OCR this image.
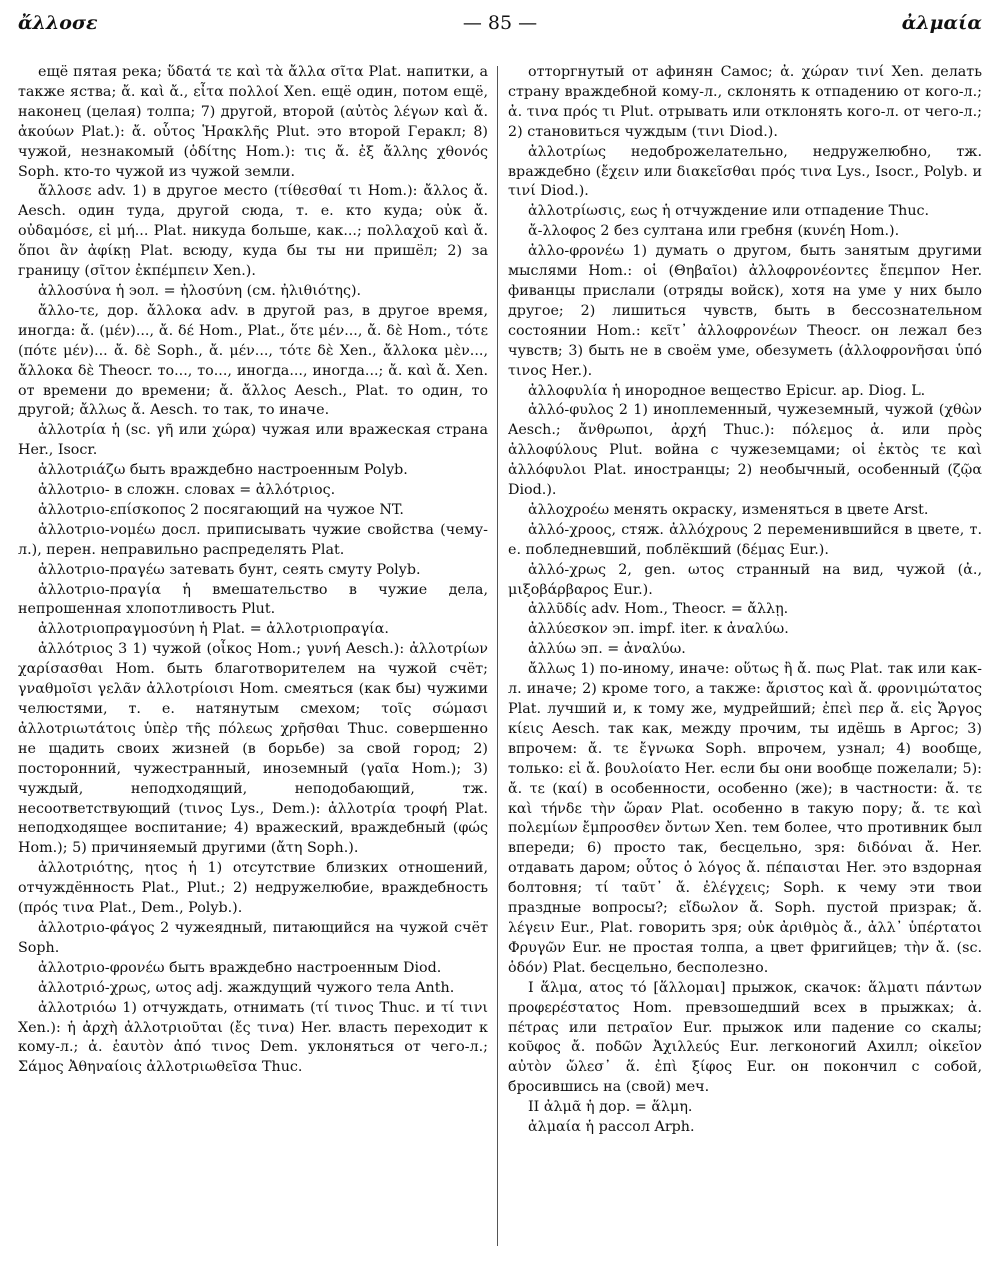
ἄλλοσε	— 85 —	ἀλμαία

ещё пятая река; ὕδατά τε καὶ τὰ ἄλλα σῖτα Plat. напитки, а также яства; ἄ. καὶ ἄ., εἶτα πολλοί Xen. ещё один, потом ещё, наконец (целая) толпа; 7) другой, второй (αὐτὸς λέγων καὶ ἄ. ἀκούων Plat.): ἄ. οὗτος Ἡρακλῆς Plut. это второй Геракл; 8) чужой, незнакомый (ὁδίτης Hom.): τις ἄ. ἐξ ἄλλης χθονός Soph. кто-то чужой из чужой земли.

ἄλλοσε adv. 1) в другое место (τίθεσθαί τι Hom.): ἄλλος ἄ. Aesch. один туда, другой сюда, т. е. кто куда; οὐκ ἄ. οὐδαμόσε, εἰ μή... Plat. никуда больше, как...; πολλαχοῦ καὶ ἄ. ὅποι ἂν ἀφίκῃ Plat. всюду, куда бы ты ни пришёл; 2) за границу (σῖτον ἐκπέμπειν Xen.).

ἀλλοσύνα ἡ эол. = ἠλοσύνη (см. ἠλιθιότης).

ἄλλο-τε, дор. ἄλλοκα adv. в другой раз, в другое время, иногда: ἄ. (μέν)..., ἄ. δέ Hom., Plat., ὅτε μέν..., ἄ. δὲ Hom., τότε (πότε μέν)... ἄ. δὲ Soph., ἄ. μέν..., τότε δὲ Xen., ἄλλοκα μὲν..., ἄλλοκα δὲ Theocr. то..., то..., иногда..., иногда...; ἄ. καὶ ἄ. Xen. от времени до времени; ἄ. ἄλλος Aesch., Plat. то один, то другой; ἄλλως ἄ. Aesch. то так, то иначе.

ἀλλοτρία ἡ (sc. γῆ или χώρα) чужая или вражеская страна Her., Isocr.

ἀλλοτριάζω быть враждебно настроенным Polyb.

ἀλλοτριο- в сложн. словах = ἀλλότριος.

ἀλλοτριο-επίσκοπος 2 посягающий на чужое NT.

ἀλλοτριο-νομέω досл. приписывать чужие свойства (чему-л.), перен. неправильно распределять Plat.

ἀλλοτριο-πραγέω затевать бунт, сеять смуту Polyb.

ἀλλοτριο-πραγία ἡ вмешательство в чужие дела, непрошенная хлопотливость Plut.

ἀλλοτριοπραγμοσύνη ἡ Plat. = ἀλλοτριοπραγία.

ἀλλότριος 3 1) чужой (οἶκος Hom.; γυνή Aesch.): ἀλλοτρίων χαρίσασθαι Hom. быть благотворителем на чужой счёт; γναθμοῖσι γελᾶν ἀλλοτρίοισι Hom. смеяться (как бы) чужими челюстями, т. е. натянутым смехом; τοῖς σώμασι ἀλλοτριωτάτοις ὑπὲρ τῆς πόλεως χρῆσθαι Thuc. совершенно не щадить своих жизней (в борьбе) за свой город; 2) посторонний, чужестранный, иноземный (γαῖα Hom.); 3) чуждый, неподходящий, неподобающий, тж. несоответствующий (τινος Lys., Dem.): ἀλλοτρία τροφή Plat. неподходящее воспитание; 4) вражеский, враждебный (φώς Hom.); 5) причиняемый другими (ἄτη Soph.).

ἀλλοτριότης, ητος ἡ 1) отсутствие близких отношений, отчуждённость Plat., Plut.; 2) недружелюбие, враждебность (πρός τινα Plat., Dem., Polyb.).

ἀλλοτριο-φάγος 2 чужеядный, питающийся на чужой счёт Soph.

ἀλλοτριο-φρονέω быть враждебно настроенным Diod.

ἀλλοτριό-χρως, ωτος adj. жаждущий чужого тела Anth.

ἀλλοτριόω 1) отчуждать, отнимать (τί τινος Thuc. и τί τινι Xen.): ἡ ἀρχὴ ἀλλοτριοῦται (ἔς τινα) Her. власть переходит к кому-л.; ἀ. ἑαυτὸν ἀπό τινος Dem. уклоняться от чего-л.; Σάμος Ἀθηναίοις ἀλλοτριωθεῖσα Thuc.

отторгнутый от афинян Самос; ἀ. χώραν τινί Xen. делать страну враждебной кому-л., склонять к отпадению от кого-л.; ἀ. τινα πρός τι Plut. отрывать или отклонять кого-л. от чего-л.; 2) становиться чуждым (τινι Diod.).

ἀλλοτρίως недоброжелательно, недружелюбно, тж. враждебно (ἔχειν или διακεῖσθαι πρός τινα Lys., Isocr., Polyb. и τινί Diod.).

ἀλλοτρίωσις, εως ἡ отчуждение или отпадение Thuc.

ἄ-λλοφος 2 без султана или гребня (κυνέη Hom.).

ἀλλο-φρονέω 1) думать о другом, быть занятым другими мыслями Hom.: οἱ (Θηβαῖοι) ἀλλοφρονέοντες ἔπεμπον Her. фиванцы прислали (отряды войск), хотя на уме у них было другое; 2) лишиться чувств, быть в бессознательном состоянии Hom.: κεῖτ᾽ ἀλλοφρονέων Theocr. он лежал без чувств; 3) быть не в своём уме, обезуметь (ἀλλοφρονῆσαι ὑπό τινος Her.).

ἀλλοφυλία ἡ инородное вещество Epicur. ap. Diog. L.

ἀλλό-φυλος 2 1) иноплеменный, чужеземный, чужой (χθὼν Aesch.; ἄνθρωποι, ἀρχή Thuc.): πόλεμος ἀ. или πρὸς ἀλλοφύλους Plut. война с чужеземцами; οἱ ἐκτὸς τε καὶ ἀλλόφυλοι Plat. иностранцы; 2) необычный, особенный (ζῷα Diod.).

ἀλλοχροέω менять окраску, изменяться в цвете Arst.

ἀλλό-χροος, стяж. ἀλλόχρους 2 переменившийся в цвете, т. е. побледневший, поблёкший (δέμας Eur.).

ἀλλό-χρως 2, gen. ωτος странный на вид, чужой (ἀ., μιξοβάρβαρος Eur.).

ἀλλῦδίς adv. Hom., Theocr. = ἄλλῃ.

ἀλλύεσκον эп. impf. iter. к ἀναλύω.

ἀλλύω эп. = ἀναλύω.

ἄλλως 1) по-иному, иначе: οὕτως ἢ ἄ. πως Plat. так или как-л. иначе; 2) кроме того, а также: ἄριστος καὶ ἄ. φρονιμώτατος Plat. лучший и, к тому же, мудрейший; ἐπεὶ περ ἄ. εἰς Ἄργος κίεις Aesch. так как, между прочим, ты идёшь в Аргос; 3) впрочем: ἄ. τε ἔγνωκα Soph. впрочем, узнал; 4) вообще, только: εἰ ἄ. βουλοίατο Her. если бы они вообще пожелали; 5): ἄ. τε (καί) в особенности, особенно (же); в частности: ἄ. τε καὶ τήνδε τὴν ὥραν Plat. особенно в такую пору; ἄ. τε καὶ πολεμίων ἔμπροσθεν ὄντων Xen. тем более, что противник был впереди; 6) просто так, бесцельно, зря: διδόναι ἄ. Her. отдавать даром; οὗτος ὁ λόγος ἄ. πέπαισται Her. это вздорная болтовня; τί ταῦτ᾽ ἄ. ἐλέγχεις; Soph. к чему эти твои праздные вопросы?; εἴδωλον ἄ. Soph. пустой призрак; ἄ. λέγειν Eur., Plat. говорить зря; οὐκ ἀριθμὸς ἄ., ἀλλ᾽ ὑπέρτατοι Φρυγῶν Eur. не простая толпа, а цвет фригийцев; τὴν ἄ. (sc. ὁδόν) Plat. бесцельно, бесполезно.

I ἅλμα, ατος τό [ἅλλομαι] прыжок, скачок: ἅλματι πάντων προφερέστατος Hom. превзошедший всех в прыжках; ἀ. πέτρας или πετραῖον Eur. прыжок или падение со скалы; κοῦφος ἄ. ποδῶν Ἀχιλλεύς Eur. легконогий Ахилл; οἰκεῖον αὐτὸν ὤλεσ᾽ ἅ. ἐπὶ ξίφος Eur. он покончил с собой, бросившись на (свой) меч.

II ἀλμᾶ ἡ дор. = ἅλμη.

ἀλμαία ἡ рассол Arph.
